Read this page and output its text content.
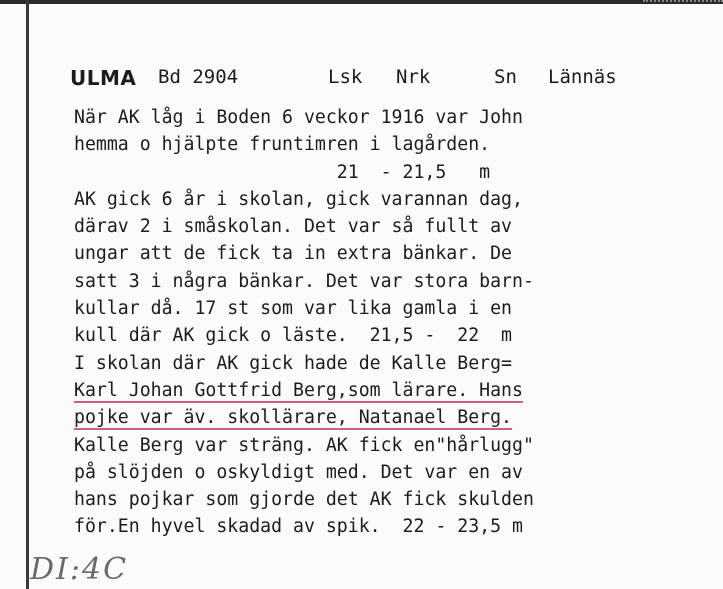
ULMA Bd 2904	Lsk Nrk	Sn Lännäs
När AK låg i Boden 6 veckor 1916 var John
hemma o hjälpte fruntimren i lagården.
21  - 21,5   m
AK gick 6 år i skolan, gick varannan dag,
därav 2 i småskolan. Det var så fullt av
ungar att de fick ta in extra bänkar. De
satt 3 i några bänkar. Det var stora barn-
kullar då. 17 st som var lika gamla i en
kull där AK gick o läste.  21,5 -  22  m
I skolan där AK gick hade de Kalle Berg=
Karl Johan Gottfrid Berg,som lärare. Hans
pojke var äv. skollärare, Natanael Berg.
Kalle Berg var sträng. AK fick en"hårlugg"
på slöjden o oskyldigt med. Det var en av
hans pojkar som gjorde det AK fick skulden
för.En hyvel skadad av spik.  22 - 23,5 m
DI:4C
